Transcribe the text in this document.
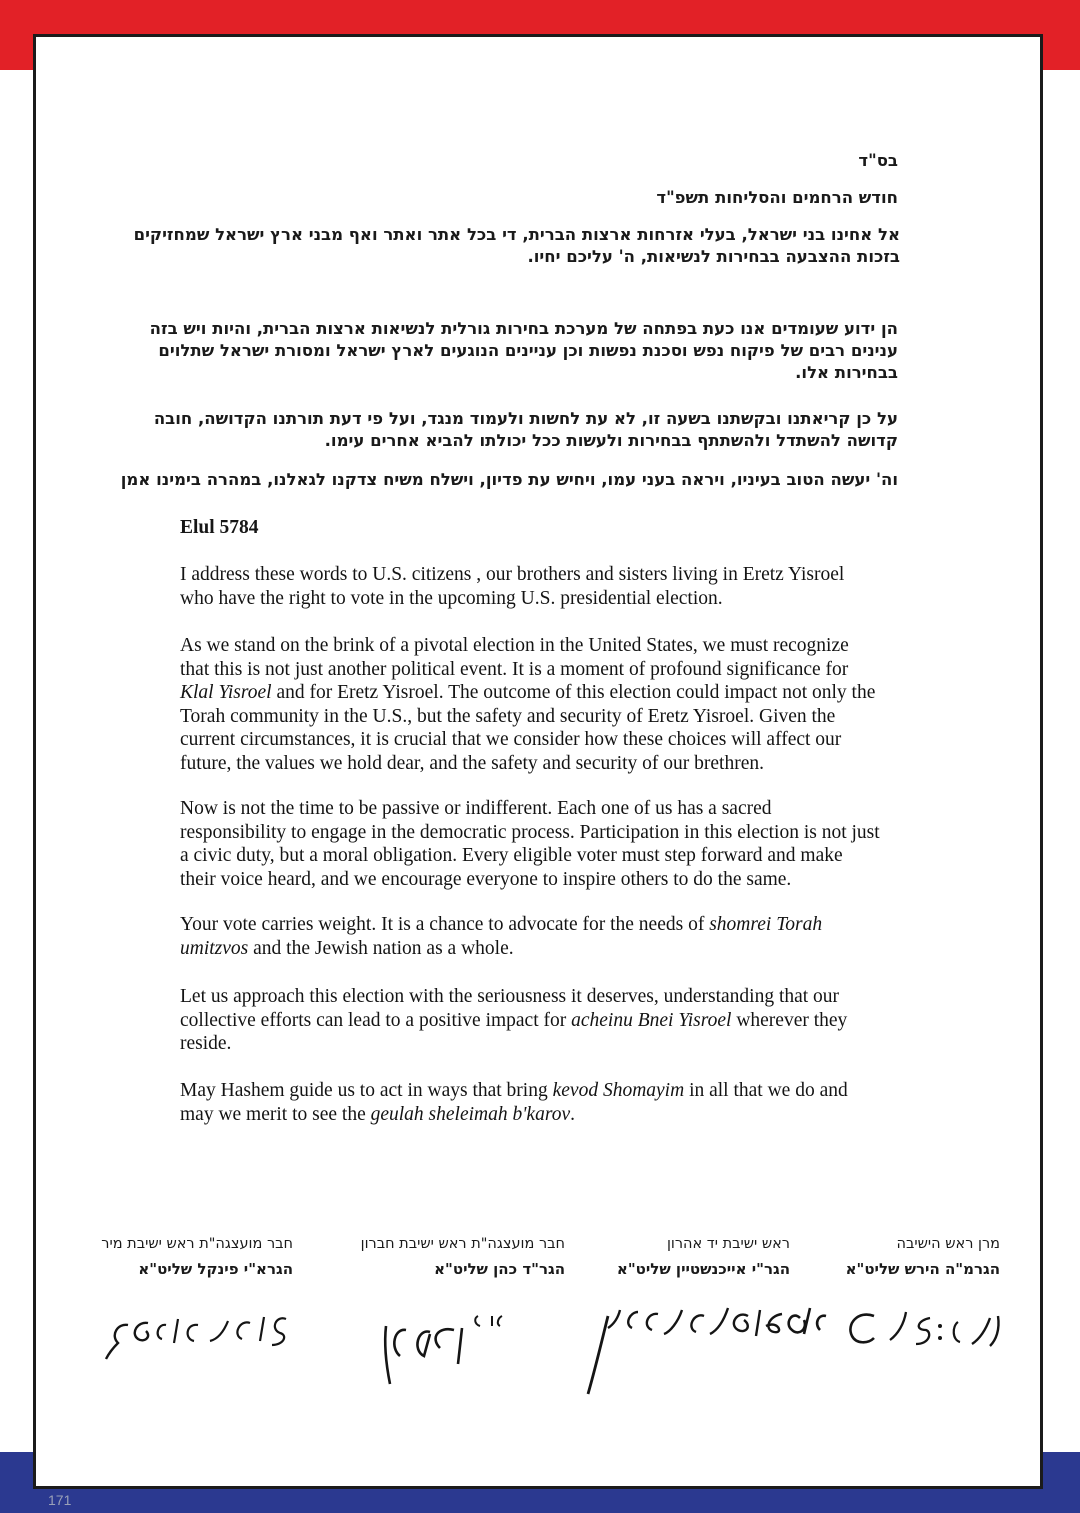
בס"ד

חודש הרחמים והסליחות תשפ"ד

אל אחינו בני ישראל, בעלי אזרחות ארצות הברית, די בכל אתר ואתר ואף מבני ארץ ישראל שמחזיקים

בזכות ההצבעה בבחירות לנשיאות, ה' עליכם יחיו.

הן ידוע שעומדים אנו כעת בפתחה של מערכת בחירות גורלית לנשיאות ארצות הברית, והיות ויש בזה

ענינים רבים של פיקוח נפש וסכנת נפשות וכן עניינים הנוגעים לארץ ישראל ומסורת ישראל שתלוים

בבחירות אלו.

על כן קריאתנו ובקשתנו בשעה זו, לא עת לחשות ולעמוד מנגד, ועל פי דעת תורתנו הקדושה, חובה

קדושה להשתדל ולהשתתף בבחירות ולעשות ככל יכולתו להביא אחרים עימו.

וה' יעשה הטוב בעיניו, ויראה בעני עמו, ויחיש עת פדיון, וישלח משיח צדקנו לגאלנו, במהרה בימינו אמן

Elul 5784

I address these words to U.S. citizens , our brothers and sisters living in Eretz Yisroel

who have the right to vote in the upcoming U.S. presidential election.

As we stand on the brink of a pivotal election in the United States, we must recognize

that this is not just another political event. It is a moment of profound significance for

Klal Yisroel and for Eretz Yisroel. The outcome of this election could impact not only the

Torah community in the U.S., but the safety and security of Eretz Yisroel. Given the

current circumstances, it is crucial that we consider how these choices will affect our

future, the values we hold dear, and the safety and security of our brethren.

Now is not the time to be passive or indifferent. Each one of us has a sacred

responsibility to engage in the democratic process. Participation in this election is not just

a civic duty, but a moral obligation. Every eligible voter must step forward and make

their voice heard, and we encourage everyone to inspire others to do the same.

Your vote carries weight. It is a chance to advocate for the needs of shomrei Torah

umitzvos and the Jewish nation as a whole.

Let us approach this election with the seriousness it deserves, understanding that our

collective efforts can lead to a positive impact for acheinu Bnei Yisroel wherever they

reside.

May Hashem guide us to act in ways that bring kevod Shomayim in all that we do and

may we merit to see the geulah sheleimah b'karov.

מרן ראש הישיבה
הגרמ"ה הירש שליט"א
ראש ישיבת יד אהרון
הגר"י אייכנשטיין שליט"א
חבר מועצגה"ת ראש ישיבת חברון
הגר"ד כהן שליט"א
חבר מועצגה"ת ראש ישיבת מיר
הגרא"י פינקל שליט"א
171
